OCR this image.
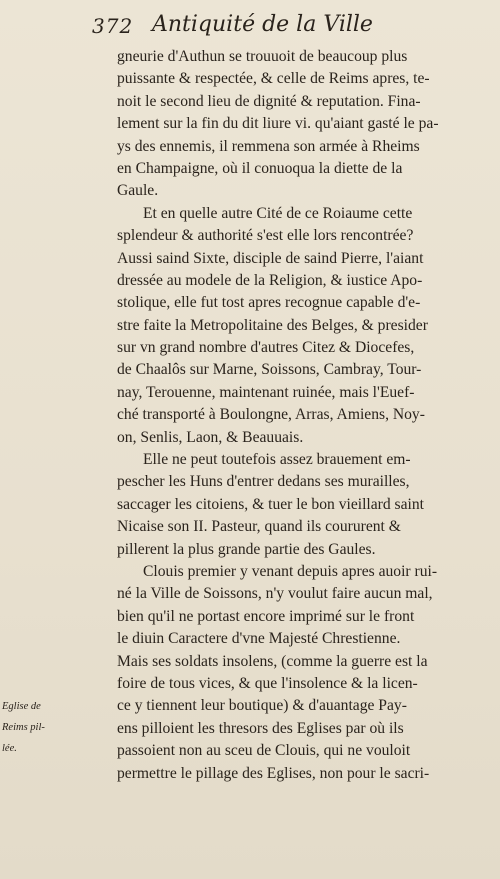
372 Antiquité de la Ville
Eglise de
Reims pil-
lée.
gneurie d'Authun se trouuoit de beaucoup plus
puissante & respectée, & celle de Reims apres, te-
noit le second lieu de dignité & reputation. Fina-
lement sur la fin du dit liure vi. qu'aiant gasté le pa-
ys des ennemis, il remmena son armée à Rheims
en Champaigne, où il conuoqua la diette de la
Gaule.
Et en quelle autre Cité de ce Roiaume cette
splendeur & authorité s'est elle lors rencontrée?
Aussi saind Sixte, disciple de saind Pierre, l'aiant
dressée au modele de la Religion, & iustice Apo-
stolique, elle fut tost apres recognue capable d'e-
stre faite la Metropolitaine des Belges, & presider
sur vn grand nombre d'autres Citez & Diocefes,
de Chaalôs sur Marne, Soissons, Cambray, Tour-
nay, Terouenne, maintenant ruinée, mais l'Euef-
ché transporté à Boulongne, Arras, Amiens, Noy-
on, Senlis, Laon, & Beauuais.
Elle ne peut toutefois assez brauement em-
pescher les Huns d'entrer dedans ses murailles,
saccager les citoiens, & tuer le bon vieillard saint
Nicaise son II. Pasteur, quand ils coururent &
pillerent la plus grande partie des Gaules.
Clouis premier y venant depuis apres auoir rui-
né la Ville de Soissons, n'y voulut faire aucun mal,
bien qu'il ne portast encore imprimé sur le front
le diuin Caractere d'vne Majesté Chrestienne.
Mais ses soldats insolens, (comme la guerre est la
foire de tous vices, & que l'insolence & la licen-
ce y tiennent leur boutique) & d'auantage Pay-
ens pilloient les thresors des Eglises par où ils
passoient non au sceu de Clouis, qui ne vouloit
permettre le pillage des Eglises, non pour le sacri-
